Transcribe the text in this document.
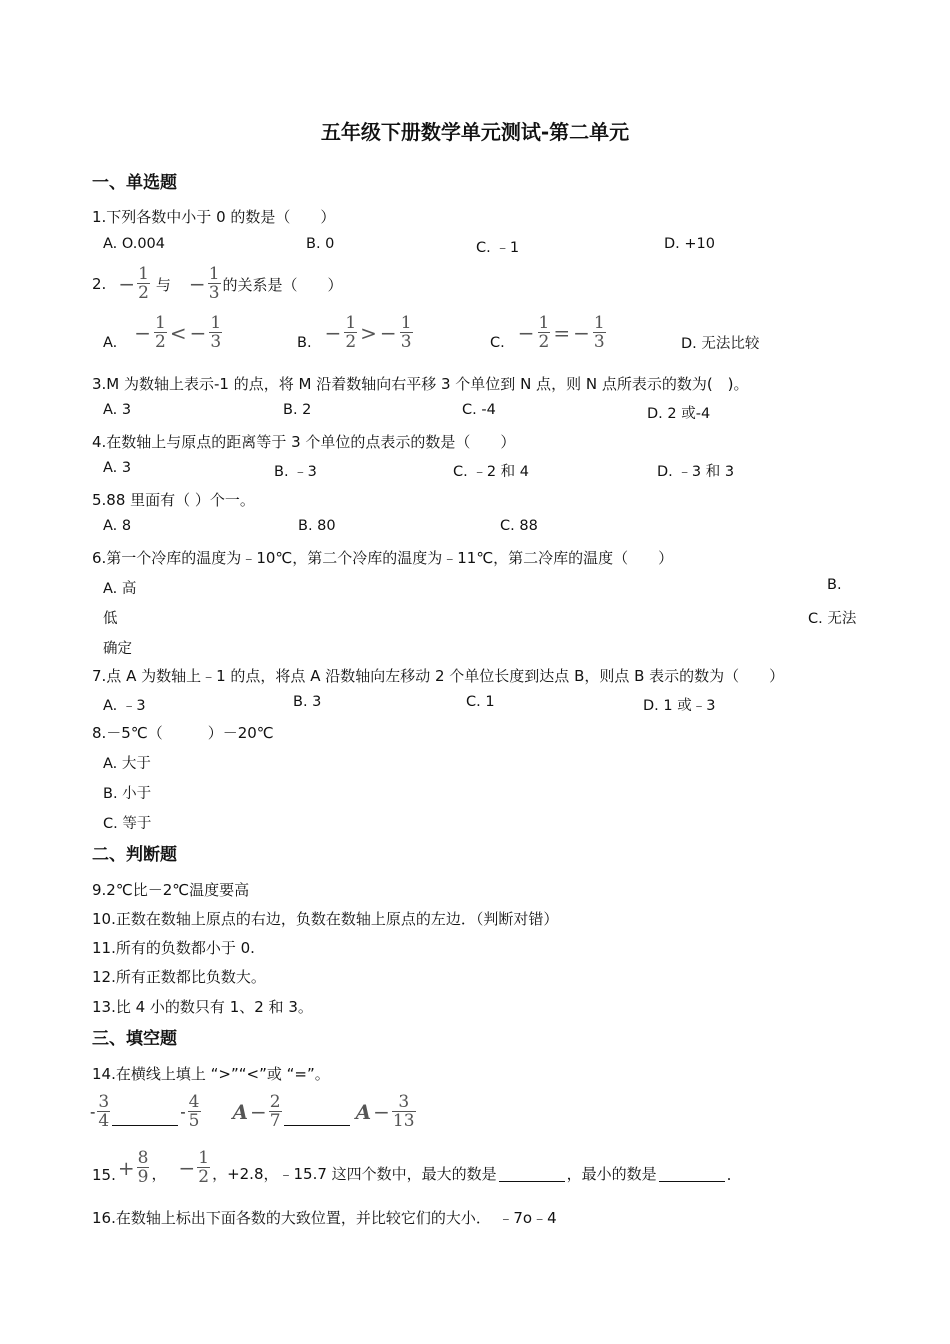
五年级下册数学单元测试-第二单元
一、单选题
1.下列各数中小于 0 的数是（　　）
A. O.004	B. 0	C. ﹣1	D. +10
2. − $\frac{1}{2}$ 与 − $\frac{1}{3}$ 的关系是（　　）
A. − $\frac{1}{2}$ < − $\frac{1}{3}$	B. − $\frac{1}{2}$ > − $\frac{1}{3}$	C. − $\frac{1}{2}$ = − $\frac{1}{3}$	D. 无法比较
3.M 为数轴上表示-1 的点，将 M 沿着数轴向右平移 3 个单位到 N 点，则 N 点所表示的数为(　)。
A. 3	B. 2	C. -4	D. 2 或-4
4.在数轴上与原点的距离等于 3 个单位的点表示的数是（　　）
A. 3	B. ﹣3	C. ﹣2 和 4	D. ﹣3 和 3
5.88 里面有（ ）个一。
A. 8	B. 80	C. 88
6.第一个冷库的温度为﹣10℃，第二个冷库的温度为﹣11℃，第二冷库的温度（　　）
A. 高	B.
低	C. 无法
确定
7.点 A 为数轴上﹣1 的点，将点 A 沿数轴向左移动 2 个单位长度到达点 B，则点 B 表示的数为（　　）
A. ﹣3	B. 3	C. 1	D. 1 或﹣3
8.－5℃（　　　）－20℃
A. 大于
B. 小于
C. 等于
二、判断题
9.2℃比－2℃温度要高
10.正数在数轴上原点的右边，负数在数轴上原点的左边．（判断对错）
11.所有的负数都小于 0.
12.所有正数都比负数大。
13.比 4 小的数只有 1、2 和 3。
三、填空题
14.在横线上填上 “>”“<”或 “=”。
- $\frac{3}{4}$	- $\frac{4}{5}$ $A - \frac{2}{7}$	$A - \frac{3}{13}$
15. + $\frac{8}{9}$ ， − $\frac{1}{2}$ ，+2.8，﹣15.7 这四个数中，最大的数是	，最小的数是	.
16.在数轴上标出下面各数的大致位置，并比较它们的大小．　﹣7o﹣4
